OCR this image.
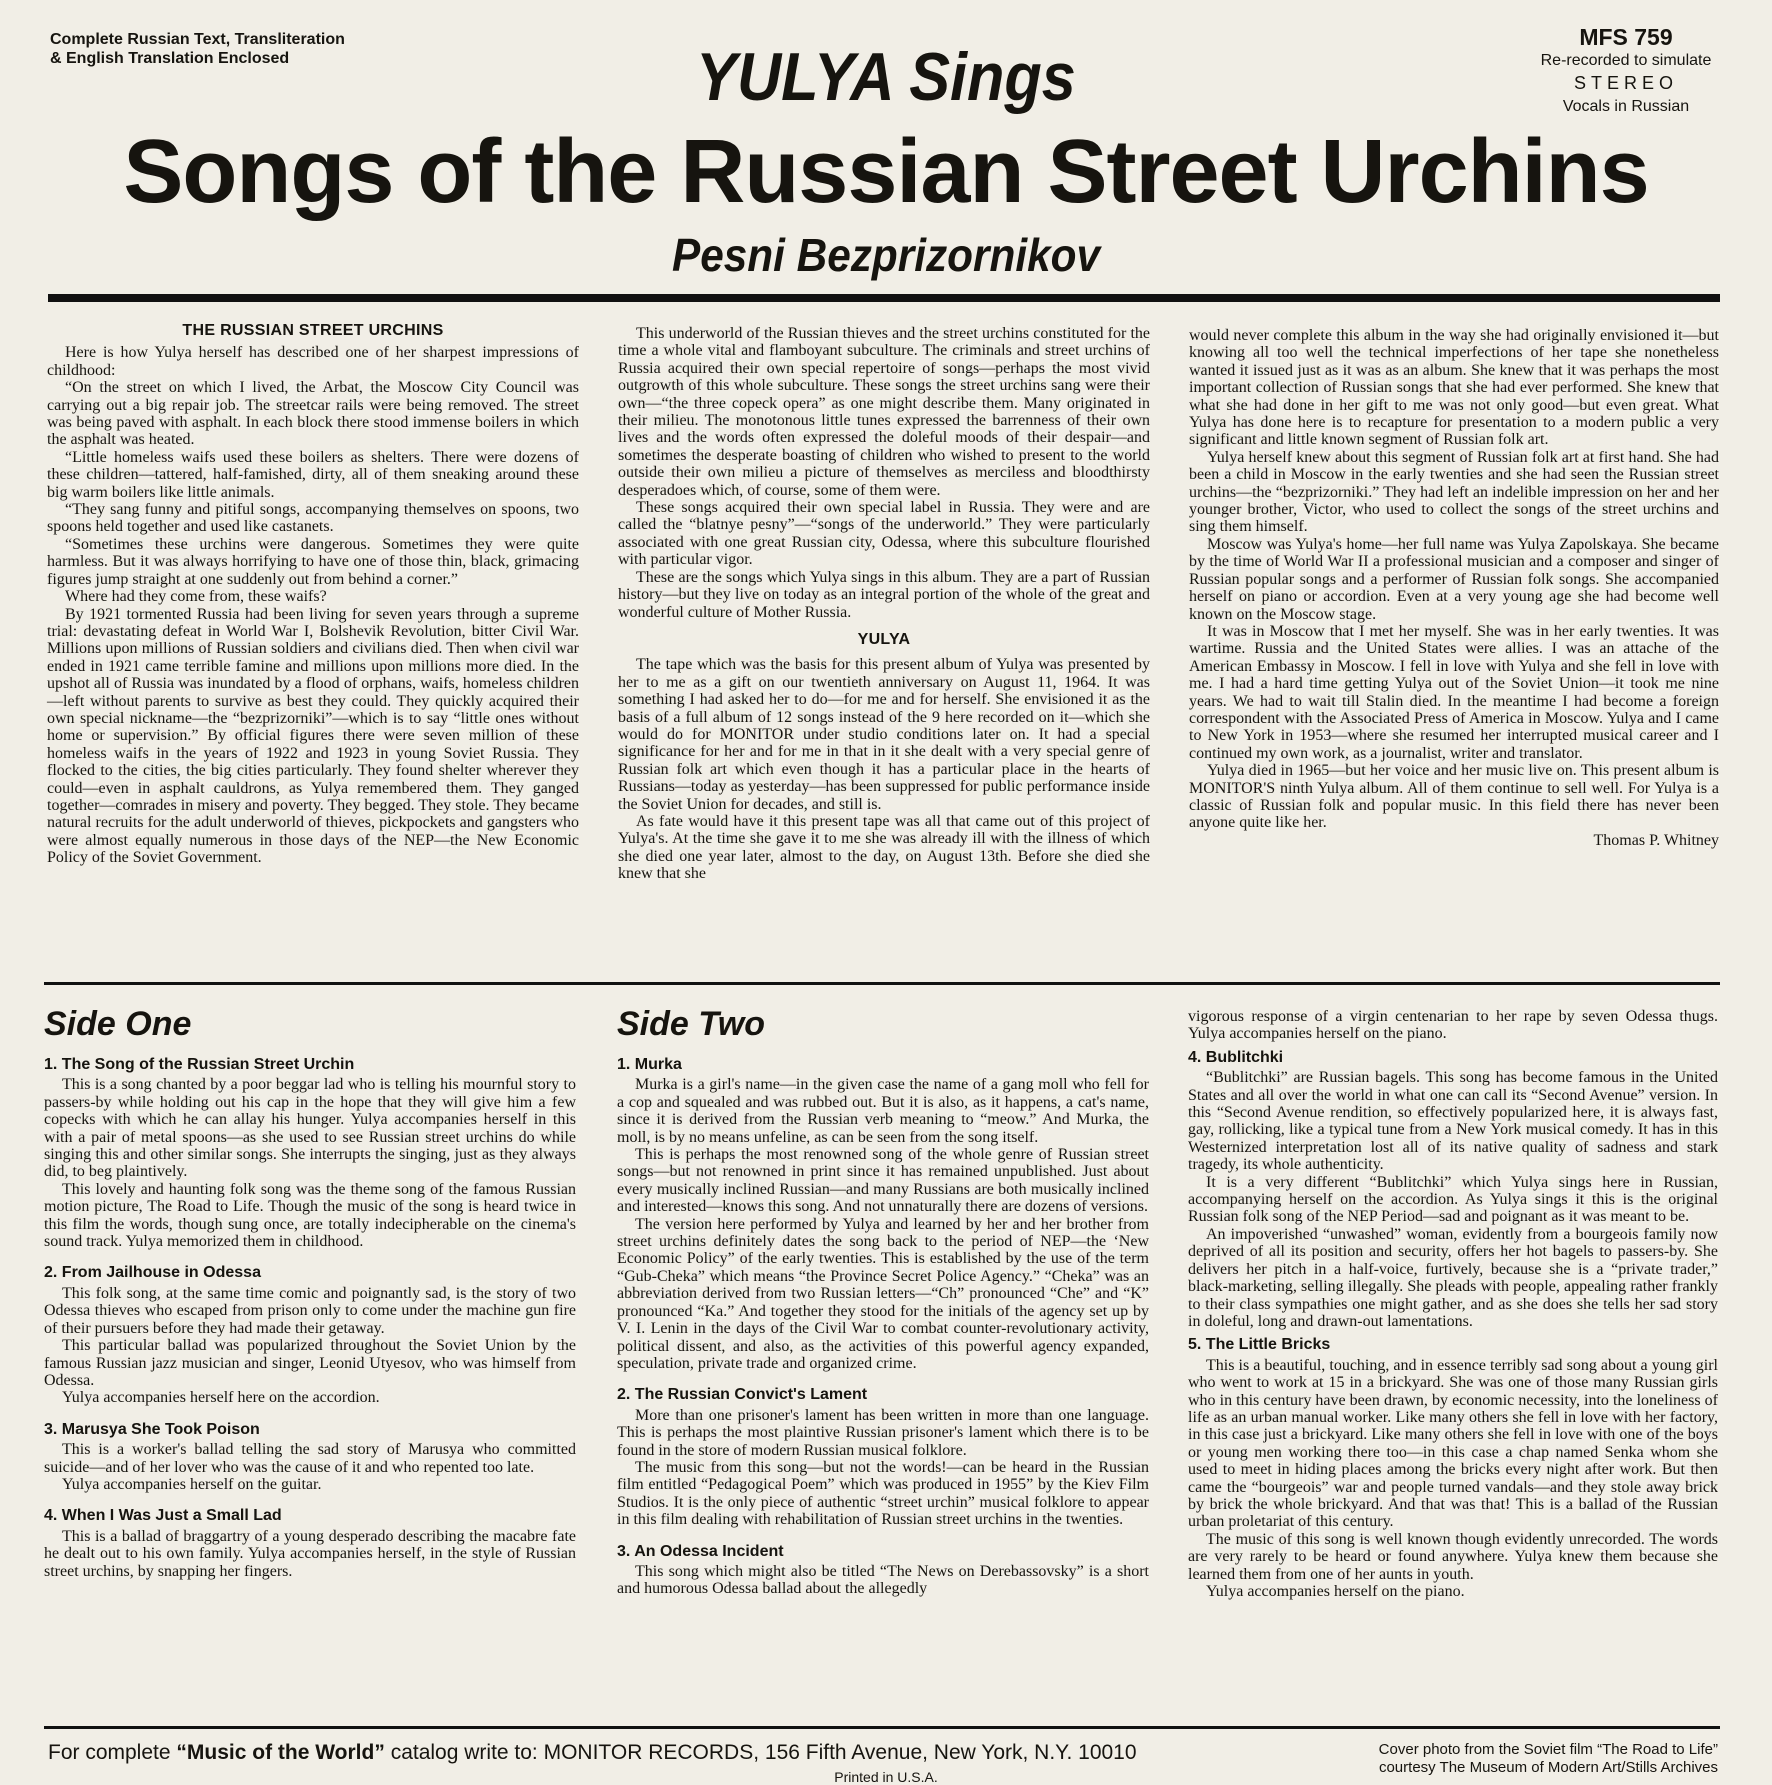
Complete Russian Text, Transliteration
& English Translation Enclosed
MFS 759
Re-recorded to simulate
STEREO
Vocals in Russian
YULYA Sings
Songs of the Russian Street Urchins
Pesni Bezprizornikov
THE RUSSIAN STREET URCHINS

Here is how Yulya herself has described one of her sharpest impressions of childhood:

“On the street on which I lived, the Arbat, the Moscow City Council was carrying out a big repair job. The streetcar rails were being removed. The street was being paved with asphalt. In each block there stood immense boilers in which the asphalt was heated.

“Little homeless waifs used these boilers as shelters. There were dozens of these children—tattered, half-famished, dirty, all of them sneaking around these big warm boilers like little animals.

“They sang funny and pitiful songs, accompanying themselves on spoons, two spoons held together and used like castanets.

“Sometimes these urchins were dangerous. Sometimes they were quite harmless. But it was always horrifying to have one of those thin, black, grimacing figures jump straight at one suddenly out from behind a corner.”

Where had they come from, these waifs?

By 1921 tormented Russia had been living for seven years through a supreme trial: devastating defeat in World War I, Bolshevik Revolution, bitter Civil War. Millions upon millions of Russian soldiers and civilians died. Then when civil war ended in 1921 came terrible famine and millions upon millions more died. In the upshot all of Russia was inundated by a flood of orphans, waifs, homeless children—left without parents to survive as best they could. They quickly acquired their own special nickname—the “bezprizorniki”—which is to say “little ones without home or supervision.” By official figures there were seven million of these homeless waifs in the years of 1922 and 1923 in young Soviet Russia. They flocked to the cities, the big cities particularly. They found shelter wherever they could—even in asphalt cauldrons, as Yulya remembered them. They ganged together—comrades in misery and poverty. They begged. They stole. They became natural recruits for the adult underworld of thieves, pickpockets and gangsters who were almost equally numerous in those days of the NEP—the New Economic Policy of the Soviet Government.

This underworld of the Russian thieves and the street urchins constituted for the time a whole vital and flamboyant subculture. The criminals and street urchins of Russia acquired their own special repertoire of songs—perhaps the most vivid outgrowth of this whole subculture. These songs the street urchins sang were their own—“the three copeck opera” as one might describe them. Many originated in their milieu. The monotonous little tunes expressed the barrenness of their own lives and the words often expressed the doleful moods of their despair—and sometimes the desperate boasting of children who wished to present to the world outside their own milieu a picture of themselves as merciless and bloodthirsty desperadoes which, of course, some of them were.

These songs acquired their own special label in Russia. They were and are called the “blatnye pesny”—“songs of the underworld.” They were particularly associated with one great Russian city, Odessa, where this subculture flourished with particular vigor.

These are the songs which Yulya sings in this album. They are a part of Russian history—but they live on today as an integral portion of the whole of the great and wonderful culture of Mother Russia.

YULYA

The tape which was the basis for this present album of Yulya was presented by her to me as a gift on our twentieth anniversary on August 11, 1964. It was something I had asked her to do—for me and for herself. She envisioned it as the basis of a full album of 12 songs instead of the 9 here recorded on it—which she would do for MONITOR under studio conditions later on. It had a special significance for her and for me in that in it she dealt with a very special genre of Russian folk art which even though it has a particular place in the hearts of Russians—today as yesterday—has been suppressed for public performance inside the Soviet Union for decades, and still is.

As fate would have it this present tape was all that came out of this project of Yulya's. At the time she gave it to me she was already ill with the illness of which she died one year later, almost to the day, on August 13th. Before she died she knew that she

would never complete this album in the way she had originally envisioned it—but knowing all too well the technical imperfections of her tape she nonetheless wanted it issued just as it was as an album. She knew that it was perhaps the most important collection of Russian songs that she had ever performed. She knew that what she had done in her gift to me was not only good—but even great. What Yulya has done here is to recapture for presentation to a modern public a very significant and little known segment of Russian folk art.

Yulya herself knew about this segment of Russian folk art at first hand. She had been a child in Moscow in the early twenties and she had seen the Russian street urchins—the “bezprizorniki.” They had left an indelible impression on her and her younger brother, Victor, who used to collect the songs of the street urchins and sing them himself.

Moscow was Yulya's home—her full name was Yulya Zapolskaya. She became by the time of World War II a professional musician and a composer and singer of Russian popular songs and a performer of Russian folk songs. She accompanied herself on piano or accordion. Even at a very young age she had become well known on the Moscow stage.

It was in Moscow that I met her myself. She was in her early twenties. It was wartime. Russia and the United States were allies. I was an attache of the American Embassy in Moscow. I fell in love with Yulya and she fell in love with me. I had a hard time getting Yulya out of the Soviet Union—it took me nine years. We had to wait till Stalin died. In the meantime I had become a foreign correspondent with the Associated Press of America in Moscow. Yulya and I came to New York in 1953—where she resumed her interrupted musical career and I continued my own work, as a journalist, writer and translator.

Yulya died in 1965—but her voice and her music live on. This present album is MONITOR'S ninth Yulya album. All of them continue to sell well. For Yulya is a classic of Russian folk and popular music. In this field there has never been anyone quite like her.

Thomas P. Whitney
Side One
1. The Song of the Russian Street Urchin

This is a song chanted by a poor beggar lad who is telling his mournful story to passers-by while holding out his cap in the hope that they will give him a few copecks with which he can allay his hunger. Yulya accompanies herself in this with a pair of metal spoons—as she used to see Russian street urchins do while singing this and other similar songs. She interrupts the singing, just as they always did, to beg plaintively.

This lovely and haunting folk song was the theme song of the famous Russian motion picture, The Road to Life. Though the music of the song is heard twice in this film the words, though sung once, are totally indecipherable on the cinema's sound track. Yulya memorized them in childhood.

2. From Jailhouse in Odessa

This folk song, at the same time comic and poignantly sad, is the story of two Odessa thieves who escaped from prison only to come under the machine gun fire of their pursuers before they had made their getaway.

This particular ballad was popularized throughout the Soviet Union by the famous Russian jazz musician and singer, Leonid Utyesov, who was himself from Odessa.

Yulya accompanies herself here on the accordion.

3. Marusya She Took Poison

This is a worker's ballad telling the sad story of Marusya who committed suicide—and of her lover who was the cause of it and who repented too late.

Yulya accompanies herself on the guitar.

4. When I Was Just a Small Lad

This is a ballad of braggartry of a young desperado describing the macabre fate he dealt out to his own family. Yulya accompanies herself, in the style of Russian street urchins, by snapping her fingers.

Side Two
1. Murka

Murka is a girl's name—in the given case the name of a gang moll who fell for a cop and squealed and was rubbed out. But it is also, as it happens, a cat's name, since it is derived from the Russian verb meaning to “meow.” And Murka, the moll, is by no means unfeline, as can be seen from the song itself.

This is perhaps the most renowned song of the whole genre of Russian street songs—but not renowned in print since it has remained unpublished. Just about every musically inclined Russian—and many Russians are both musically inclined and interested—knows this song. And not unnaturally there are dozens of versions.

The version here performed by Yulya and learned by her and her brother from street urchins definitely dates the song back to the period of NEP—the ‘New Economic Policy” of the early twenties. This is established by the use of the term “Gub-Cheka” which means “the Province Secret Police Agency.” “Cheka” was an abbreviation derived from two Russian letters—“Ch” pronounced “Che” and “K” pronounced “Ka.” And together they stood for the initials of the agency set up by V. I. Lenin in the days of the Civil War to combat counter-revolutionary activity, political dissent, and also, as the activities of this powerful agency expanded, speculation, private trade and organized crime.

2. The Russian Convict's Lament

More than one prisoner's lament has been written in more than one language. This is perhaps the most plaintive Russian prisoner's lament which there is to be found in the store of modern Russian musical folklore.

The music from this song—but not the words!—can be heard in the Russian film entitled “Pedagogical Poem” which was produced in 1955” by the Kiev Film Studios. It is the only piece of authentic “street urchin” musical folklore to appear in this film dealing with rehabilitation of Russian street urchins in the twenties.

3. An Odessa Incident

This song which might also be titled “The News on Derebassovsky” is a short and humorous Odessa ballad about the allegedly

vigorous response of a virgin centenarian to her rape by seven Odessa thugs. Yulya accompanies herself on the piano.

4. Bublitchki

“Bublitchki” are Russian bagels. This song has become famous in the United States and all over the world in what one can call its “Second Avenue” version. In this “Second Avenue rendition, so effectively popularized here, it is always fast, gay, rollicking, like a typical tune from a New York musical comedy. It has in this Westernized interpretation lost all of its native quality of sadness and stark tragedy, its whole authenticity.

It is a very different “Bublitchki” which Yulya sings here in Russian, accompanying herself on the accordion. As Yulya sings it this is the original Russian folk song of the NEP Period—sad and poignant as it was meant to be.

An impoverished “unwashed” woman, evidently from a bourgeois family now deprived of all its position and security, offers her hot bagels to passers-by. She delivers her pitch in a half-voice, furtively, because she is a “private trader,” black-marketing, selling illegally. She pleads with people, appealing rather frankly to their class sympathies one might gather, and as she does she tells her sad story in doleful, long and drawn-out lamentations.

5. The Little Bricks

This is a beautiful, touching, and in essence terribly sad song about a young girl who went to work at 15 in a brickyard. She was one of those many Russian girls who in this century have been drawn, by economic necessity, into the loneliness of life as an urban manual worker. Like many others she fell in love with her factory, in this case just a brickyard. Like many others she fell in love with one of the boys or young men working there too—in this case a chap named Senka whom she used to meet in hiding places among the bricks every night after work. But then came the “bourgeois” war and people turned vandals—and they stole away brick by brick the whole brickyard. And that was that! This is a ballad of the Russian urban proletariat of this century.

The music of this song is well known though evidently unrecorded. The words are very rarely to be heard or found anywhere. Yulya knew them because she learned them from one of her aunts in youth.

Yulya accompanies herself on the piano.

For complete “Music of the World” catalog write to: MONITOR RECORDS, 156 Fifth Avenue, New York, N.Y. 10010
Printed in U.S.A.
Cover photo from the Soviet film “The Road to Life”
courtesy The Museum of Modern Art/Stills Archives
